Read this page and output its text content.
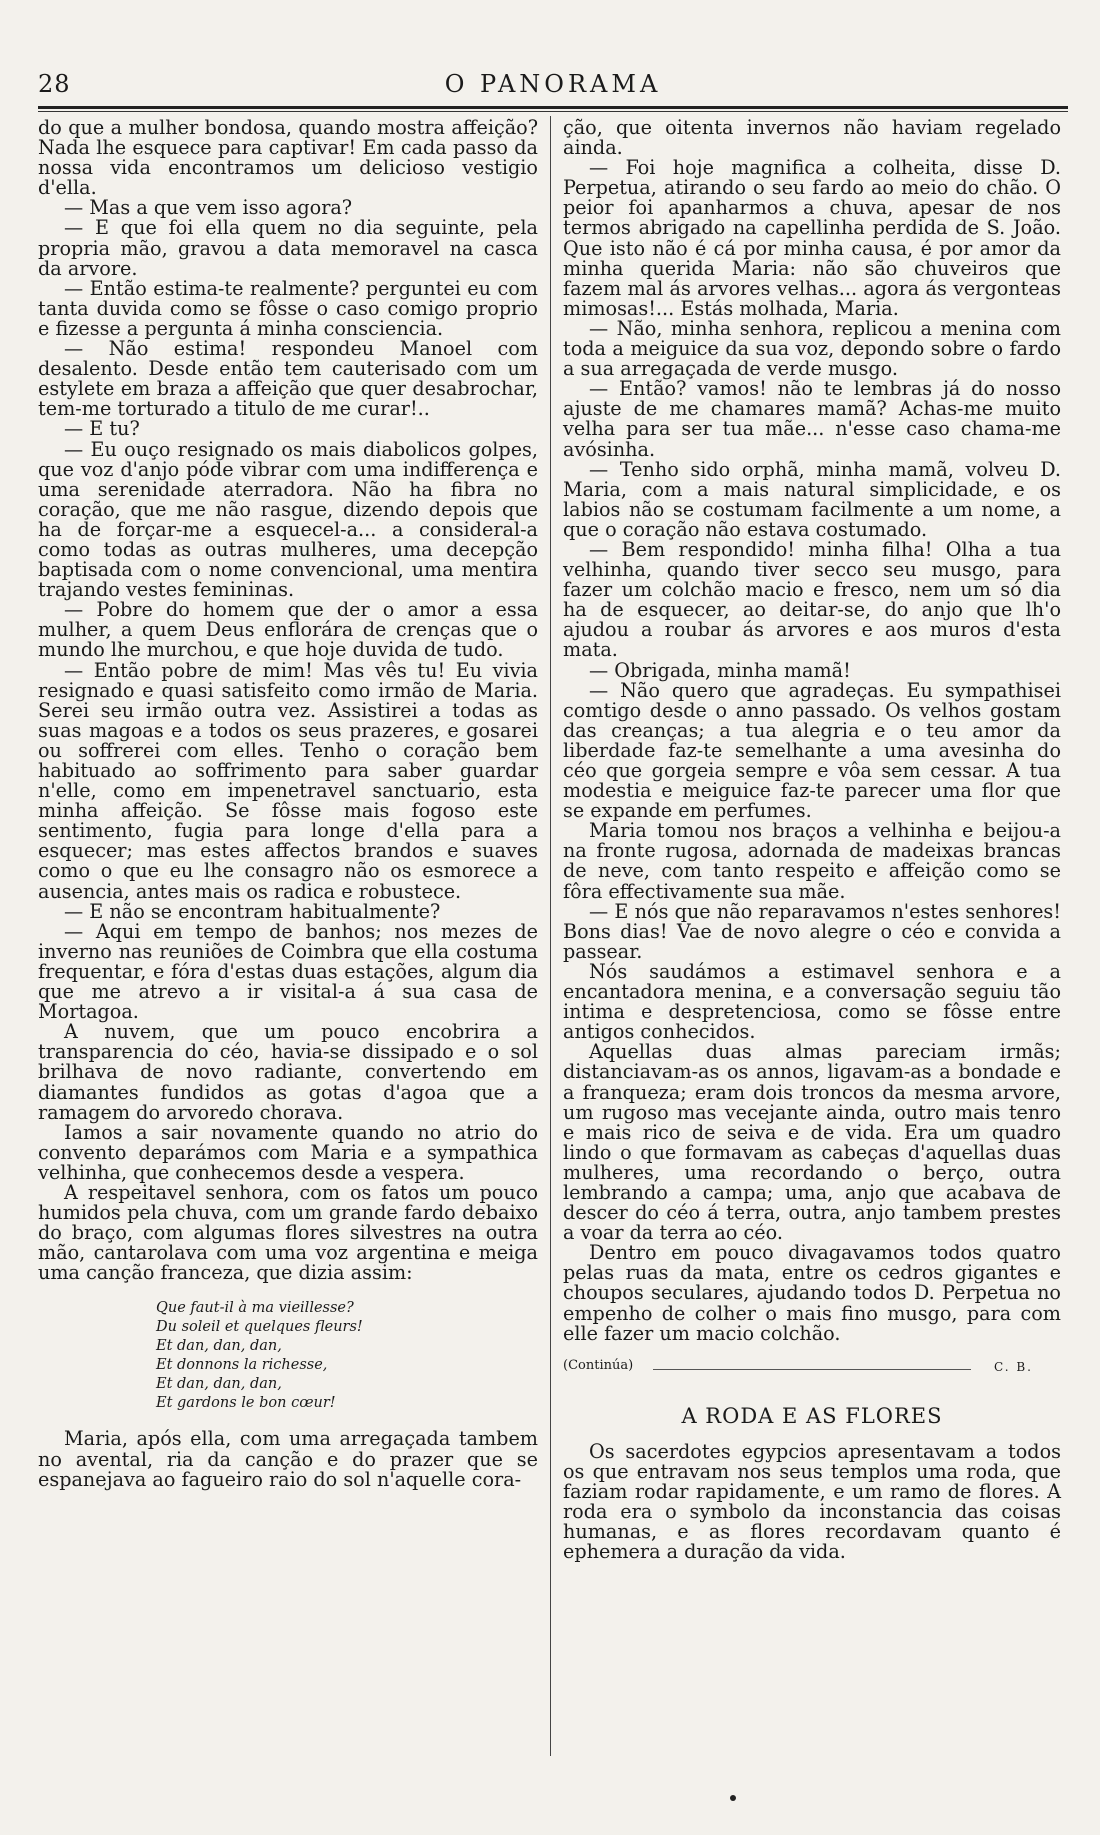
28	O PANORAMA

do que a mulher bondosa, quando mostra affeição? Nada lhe esquece para captivar! Em cada passo da nossa vida encontramos um delicioso vestigio d'ella.

— Mas a que vem isso agora?

— E que foi ella quem no dia seguinte, pela propria mão, gravou a data memoravel na casca da arvore.

— Então estima-te realmente? perguntei eu com tanta duvida como se fôsse o caso comigo proprio e fizesse a pergunta á minha consciencia.

— Não estima! respondeu Manoel com desalento. Desde então tem cauterisado com um estylete em braza a affeição que quer desabrochar, tem-me torturado a titulo de me curar!..

— E tu?

— Eu ouço resignado os mais diabolicos golpes, que voz d'anjo póde vibrar com uma indifferença e uma serenidade aterradora. Não ha fibra no coração, que me não rasgue, dizendo depois que ha de forçar-me a esquecel-a... a consideral-a como todas as outras mulheres, uma decepção baptisada com o nome convencional, uma mentira trajando vestes femininas.

— Pobre do homem que der o amor a essa mulher, a quem Deus enflorára de crenças que o mundo lhe murchou, e que hoje duvida de tudo.

— Então pobre de mim! Mas vês tu! Eu vivia resignado e quasi satisfeito como irmão de Maria. Serei seu irmão outra vez. Assistirei a todas as suas magoas e a todos os seus prazeres, e gosarei ou soffrerei com elles. Tenho o coração bem habituado ao soffrimento para saber guardar n'elle, como em impenetravel sanctuario, esta minha affeição. Se fôsse mais fogoso este sentimento, fugia para longe d'ella para a esquecer; mas estes affectos brandos e suaves como o que eu lhe consagro não os esmorece a ausencia, antes mais os radica e robustece.

— E não se encontram habitualmente?

— Aqui em tempo de banhos; nos mezes de inverno nas reuniões de Coimbra que ella costuma frequentar, e fóra d'estas duas estações, algum dia que me atrevo a ir visital-a á sua casa de Mortagoa.

A nuvem, que um pouco encobrira a transparencia do céo, havia-se dissipado e o sol brilhava de novo radiante, convertendo em diamantes fundidos as gotas d'agoa que a ramagem do arvoredo chorava.

Iamos a sair novamente quando no atrio do convento deparámos com Maria e a sympathica velhinha, que conhecemos desde a vespera.

A respeitavel senhora, com os fatos um pouco humidos pela chuva, com um grande fardo debaixo do braço, com algumas flores silvestres na outra mão, cantarolava com uma voz argentina e meiga uma canção franceza, que dizia assim:

Que faut-il à ma vieillesse?
Du soleil et quelques fleurs!
Et dan, dan, dan,
Et donnons la richesse,
Et dan, dan, dan,
Et gardons le bon cœur!

Maria, após ella, com uma arregaçada tambem no avental, ria da canção e do prazer que se espanejava ao fagueiro raio do sol n'aquelle cora-

ção, que oitenta invernos não haviam regelado ainda.

— Foi hoje magnifica a colheita, disse D. Perpetua, atirando o seu fardo ao meio do chão. O peior foi apanharmos a chuva, apesar de nos termos abrigado na capellinha perdida de S. João. Que isto não é cá por minha causa, é por amor da minha querida Maria: não são chuveiros que fazem mal ás arvores velhas... agora ás vergonteas mimosas!... Estás molhada, Maria.

— Não, minha senhora, replicou a menina com toda a meiguice da sua voz, depondo sobre o fardo a sua arregaçada de verde musgo.

— Então? vamos! não te lembras já do nosso ajuste de me chamares mamã? Achas-me muito velha para ser tua mãe... n'esse caso chama-me avósinha.

— Tenho sido orphã, minha mamã, volveu D. Maria, com a mais natural simplicidade, e os labios não se costumam facilmente a um nome, a que o coração não estava costumado.

— Bem respondido! minha filha! Olha a tua velhinha, quando tiver secco seu musgo, para fazer um colchão macio e fresco, nem um só dia ha de esquecer, ao deitar-se, do anjo que lh'o ajudou a roubar ás arvores e aos muros d'esta mata.

— Obrigada, minha mamã!

— Não quero que agradeças. Eu sympathisei comtigo desde o anno passado. Os velhos gostam das creanças; a tua alegria e o teu amor da liberdade faz-te semelhante a uma avesinha do céo que gorgeia sempre e vôa sem cessar. A tua modestia e meiguice faz-te parecer uma flor que se expande em perfumes.

Maria tomou nos braços a velhinha e beijou-a na fronte rugosa, adornada de madeixas brancas de neve, com tanto respeito e affeição como se fôra effectivamente sua mãe.

— E nós que não reparavamos n'estes senhores! Bons dias! Vae de novo alegre o céo e convida a passear.

Nós saudámos a estimavel senhora e a encantadora menina, e a conversação seguiu tão intima e despretenciosa, como se fôsse entre antigos conhecidos.

Aquellas duas almas pareciam irmãs; distanciavam-as os annos, ligavam-as a bondade e a franqueza; eram dois troncos da mesma arvore, um rugoso mas vecejante ainda, outro mais tenro e mais rico de seiva e de vida. Era um quadro lindo o que formavam as cabeças d'aquellas duas mulheres, uma recordando o berço, outra lembrando a campa; uma, anjo que acabava de descer do céo á terra, outra, anjo tambem prestes a voar da terra ao céo.

Dentro em pouco divagavamos todos quatro pelas ruas da mata, entre os cedros gigantes e choupos seculares, ajudando todos D. Perpetua no empenho de colher o mais fino musgo, para com elle fazer um macio colchão.

(Continúa)	C. B.
A RODA E AS FLORES

Os sacerdotes egypcios apresentavam a todos os que entravam nos seus templos uma roda, que faziam rodar rapidamente, e um ramo de flores. A roda era o symbolo da inconstancia das coisas humanas, e as flores recordavam quanto é ephemera a duração da vida.
